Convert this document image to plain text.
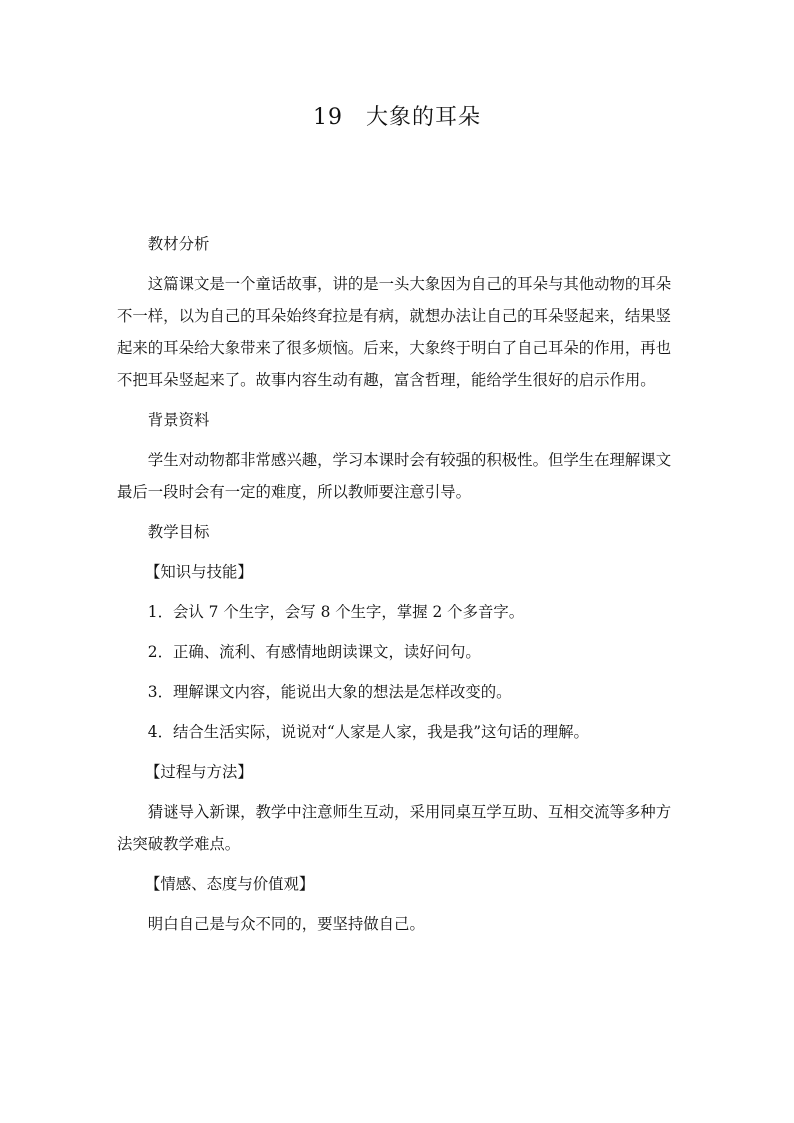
19　大象的耳朵

教材分析

这篇课文是一个童话故事，讲的是一头大象因为自己的耳朵与其他动物的耳朵不一样，以为自己的耳朵始终耷拉是有病，就想办法让自己的耳朵竖起来，结果竖起来的耳朵给大象带来了很多烦恼。后来，大象终于明白了自己耳朵的作用，再也不把耳朵竖起来了。故事内容生动有趣，富含哲理，能给学生很好的启示作用。

背景资料

学生对动物都非常感兴趣，学习本课时会有较强的积极性。但学生在理解课文最后一段时会有一定的难度，所以教师要注意引导。

教学目标

【知识与技能】

1．会认 7 个生字，会写 8 个生字，掌握 2 个多音字。

2．正确、流利、有感情地朗读课文，读好问句。

3．理解课文内容，能说出大象的想法是怎样改变的。

4．结合生活实际，说说对“人家是人家，我是我”这句话的理解。

【过程与方法】

猜谜导入新课，教学中注意师生互动，采用同桌互学互助、互相交流等多种方法突破教学难点。

【情感、态度与价值观】

明白自己是与众不同的，要坚持做自己。
